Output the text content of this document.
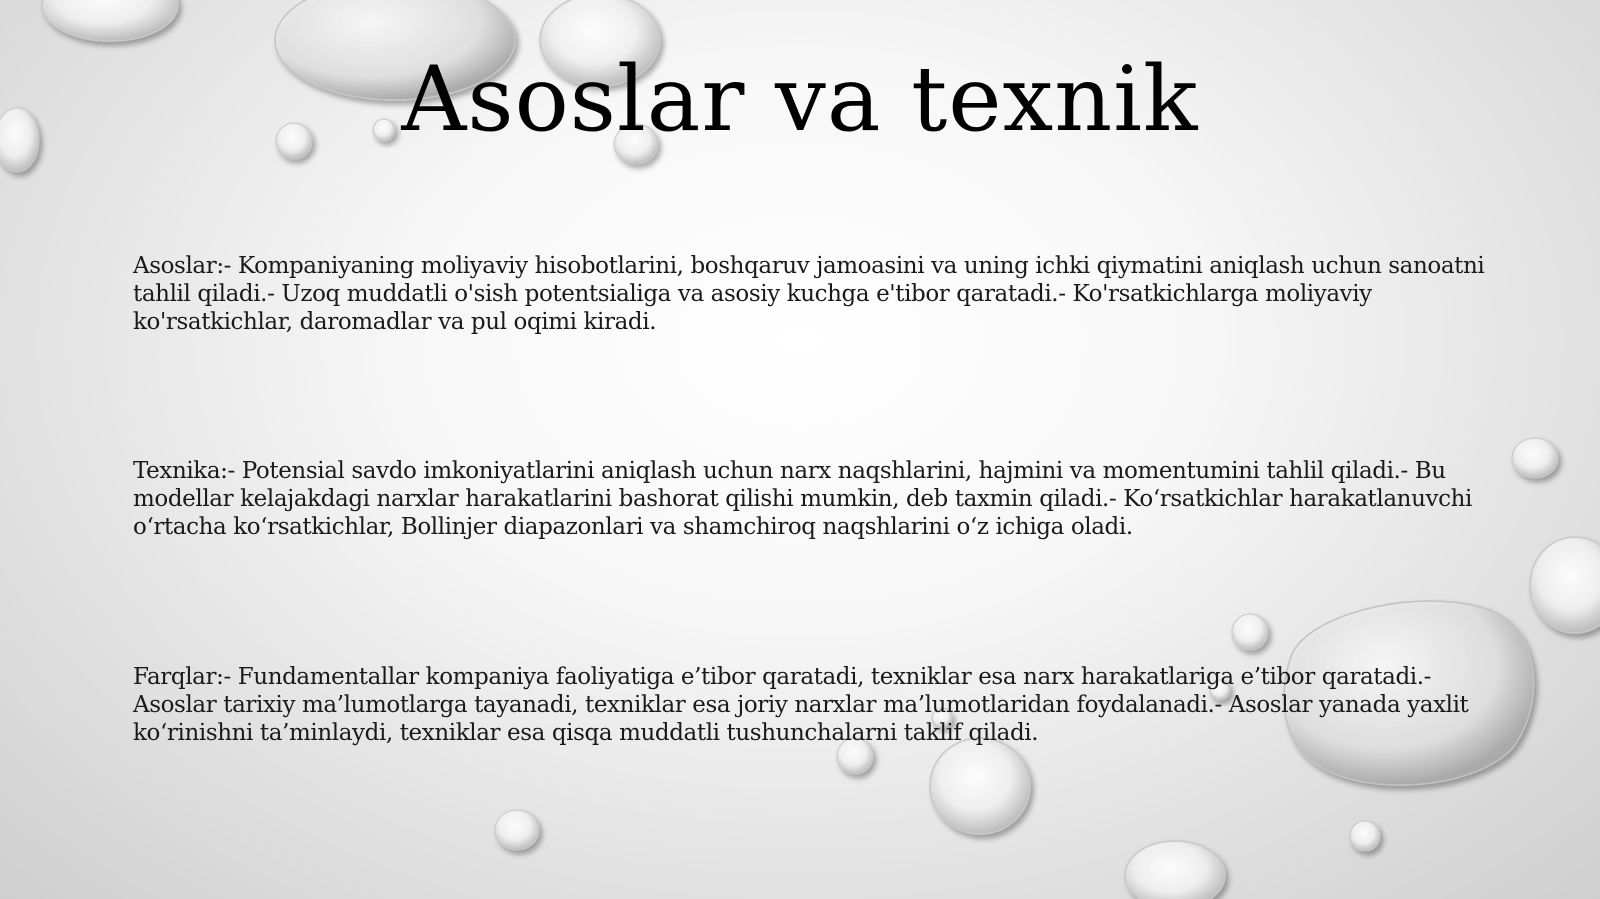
Asoslar va texnik

Asoslar:- Kompaniyaning moliyaviy hisobotlarini, boshqaruv jamoasini va uning ichki qiymatini aniqlash uchun sanoatni tahlil qiladi.- Uzoq muddatli o'sish potentsialiga va asosiy kuchga e'tibor qaratadi.- Ko'rsatkichlarga moliyaviy ko'rsatkichlar, daromadlar va pul oqimi kiradi.

Texnika:- Potensial savdo imkoniyatlarini aniqlash uchun narx naqshlarini, hajmini va momentumini tahlil qiladi.- Bu modellar kelajakdagi narxlar harakatlarini bashorat qilishi mumkin, deb taxmin qiladi.- Ko‘rsatkichlar harakatlanuvchi o‘rtacha ko‘rsatkichlar, Bollinjer diapazonlari va shamchiroq naqshlarini o‘z ichiga oladi.

Farqlar:- Fundamentallar kompaniya faoliyatiga e’tibor qaratadi, texniklar esa narx harakatlariga e’tibor qaratadi.- Asoslar tarixiy ma’lumotlarga tayanadi, texniklar esa joriy narxlar ma’lumotlaridan foydalanadi.- Asoslar yanada yaxlit ko‘rinishni ta’minlaydi, texniklar esa qisqa muddatli tushunchalarni taklif qiladi.
